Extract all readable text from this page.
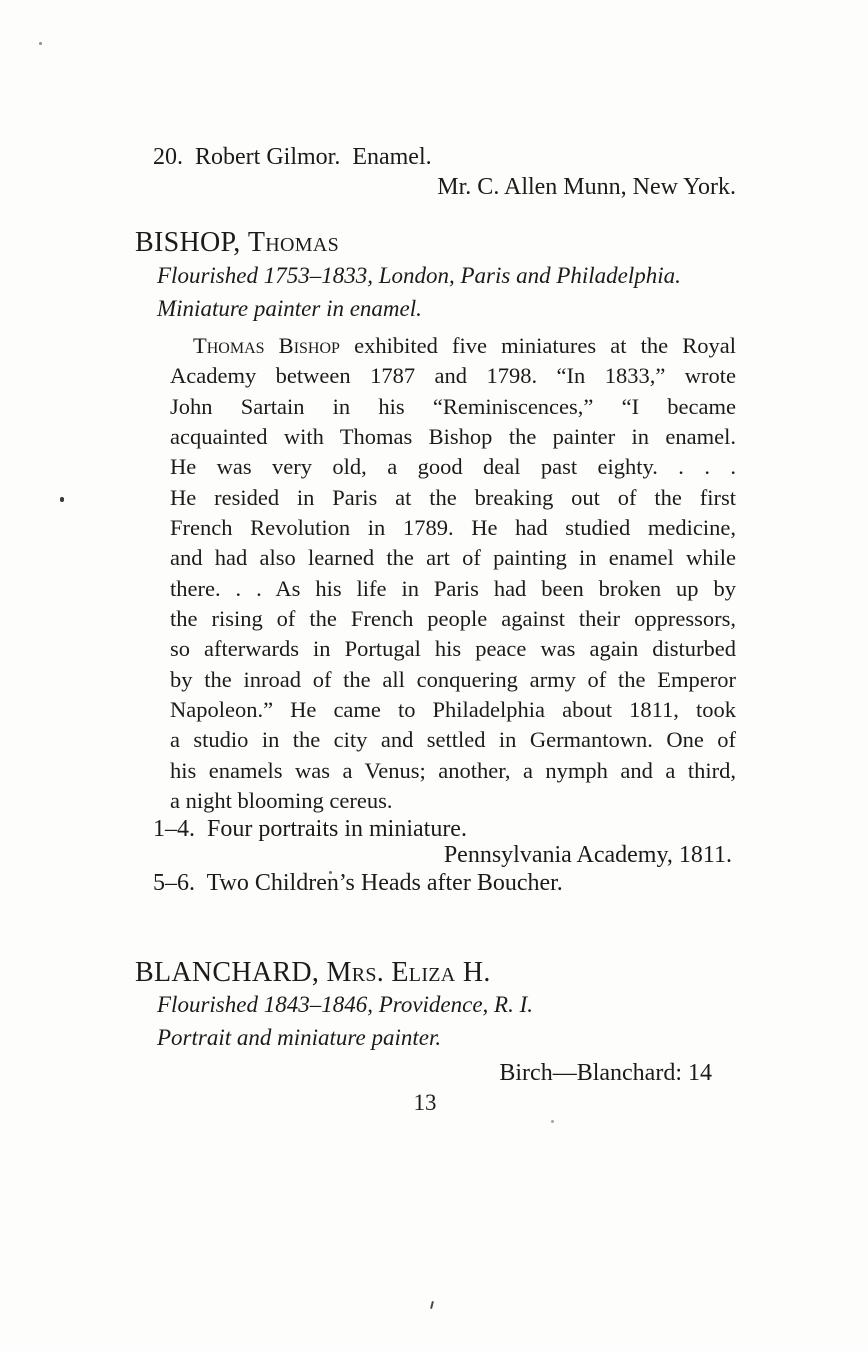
20.  Robert Gilmor.  Enamel.
Mr. C. Allen Munn, New York.
BISHOP, Thomas
Flourished 1753–1833, London, Paris and Philadelphia.
Miniature painter in enamel.
Thomas Bishop exhibited five miniatures at the Royal
Academy between 1787 and 1798. “In 1833,” wrote
John Sartain in his “Reminiscences,” “I became
acquainted with Thomas Bishop the painter in enamel.
He was very old, a good deal past eighty. . . .
He resided in Paris at the breaking out of the first
French Revolution in 1789. He had studied medicine,
and had also learned the art of painting in enamel while
there. . . As his life in Paris had been broken up by
the rising of the French people against their oppressors,
so afterwards in Portugal his peace was again disturbed
by the inroad of the all conquering army of the Emperor
Napoleon.” He came to Philadelphia about 1811, took
a studio in the city and settled in Germantown. One of
his enamels was a Venus; another, a nymph and a third,
a night blooming cereus.
1–4.  Four portraits in miniature.
Pennsylvania Academy, 1811.
5–6.  Two Children’s Heads after Boucher.
BLANCHARD, Mrs. Eliza H.
Flourished 1843–1846, Providence, R. I.
Portrait and miniature painter.
Birch—Blanchard: 14
13
